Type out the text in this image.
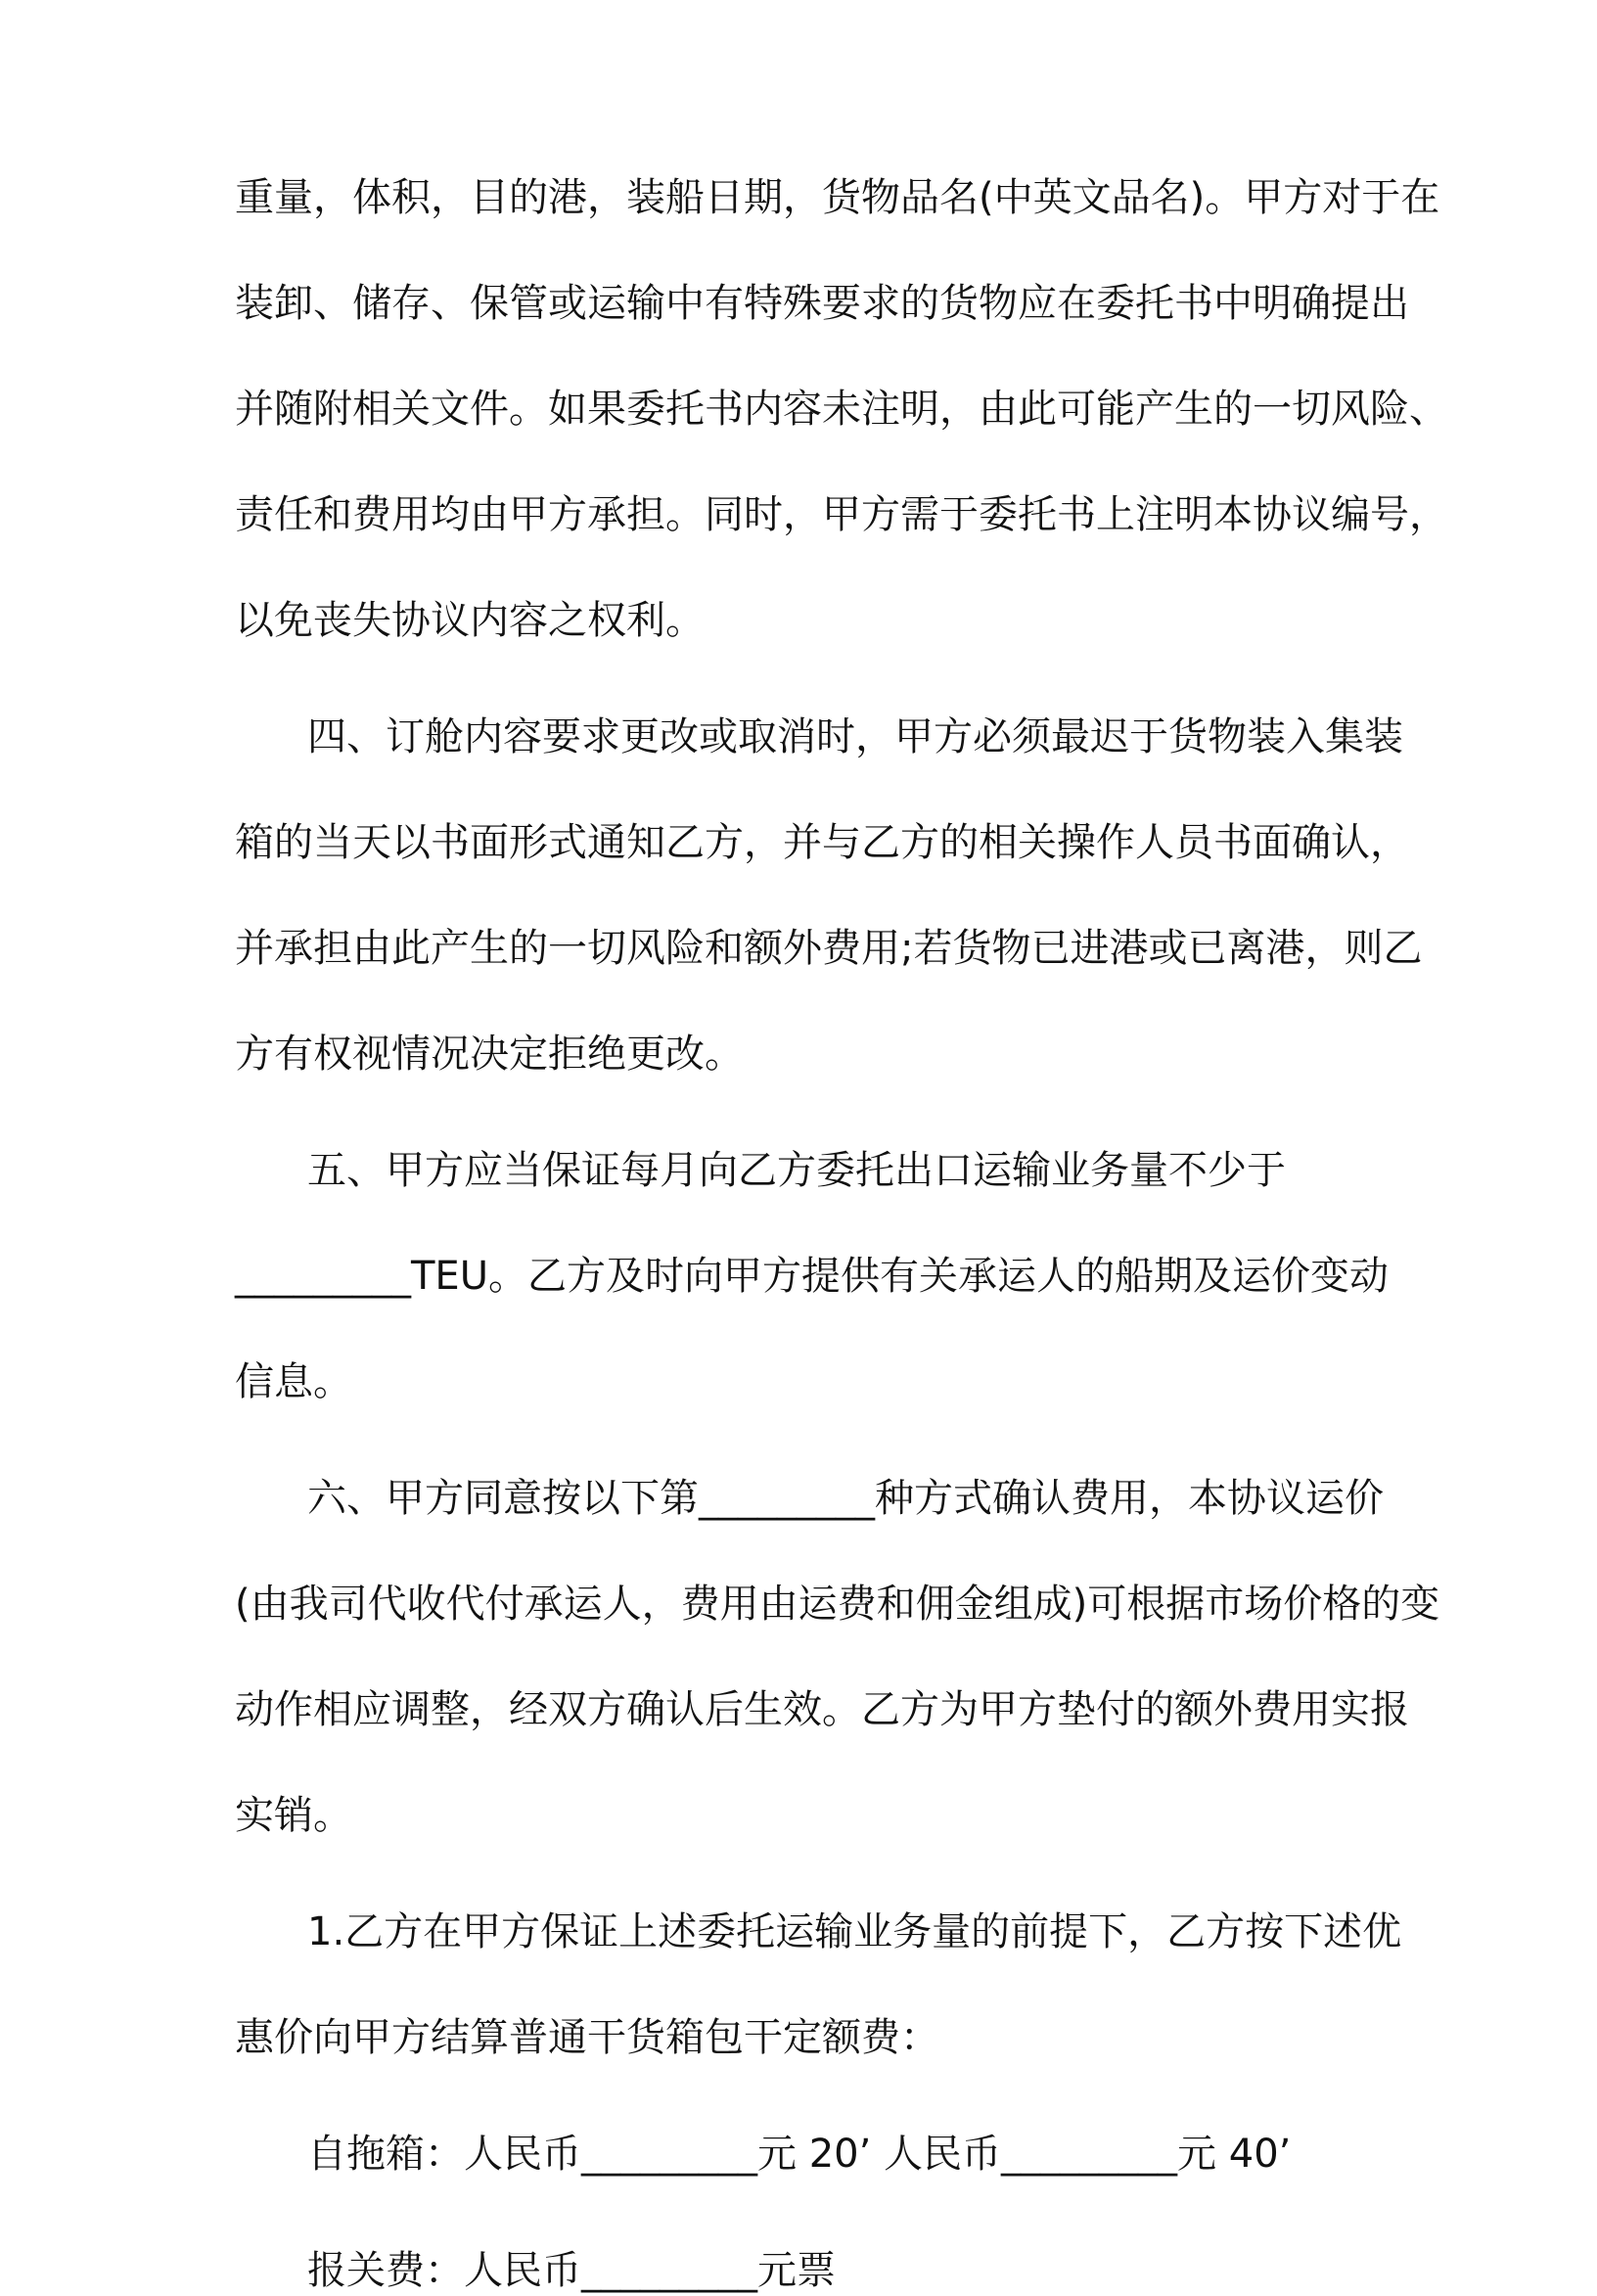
重量，体积，目的港，装船日期，货物品名(中英文品名)。甲方对于在

装卸、储存、保管或运输中有特殊要求的货物应在委托书中明确提出

并随附相关文件。如果委托书内容未注明，由此可能产生的一切风险、

责任和费用均由甲方承担。同时，甲方需于委托书上注明本协议编号，

以免丧失协议内容之权利。

四、订舱内容要求更改或取消时，甲方必须最迟于货物装入集装

箱的当天以书面形式通知乙方，并与乙方的相关操作人员书面确认，

并承担由此产生的一切风险和额外费用;若货物已进港或已离港，则乙

方有权视情况决定拒绝更改。

五、甲方应当保证每月向乙方委托出口运输业务量不少于

_________TEU。乙方及时向甲方提供有关承运人的船期及运价变动

信息。

六、甲方同意按以下第_________种方式确认费用，本协议运价

(由我司代收代付承运人，费用由运费和佣金组成)可根据市场价格的变

动作相应调整，经双方确认后生效。乙方为甲方垫付的额外费用实报

实销。

1.乙方在甲方保证上述委托运输业务量的前提下，乙方按下述优

惠价向甲方结算普通干货箱包干定额费：

自拖箱：人民币_________元 20’ 人民币_________元 40’

报关费：人民币_________元票
